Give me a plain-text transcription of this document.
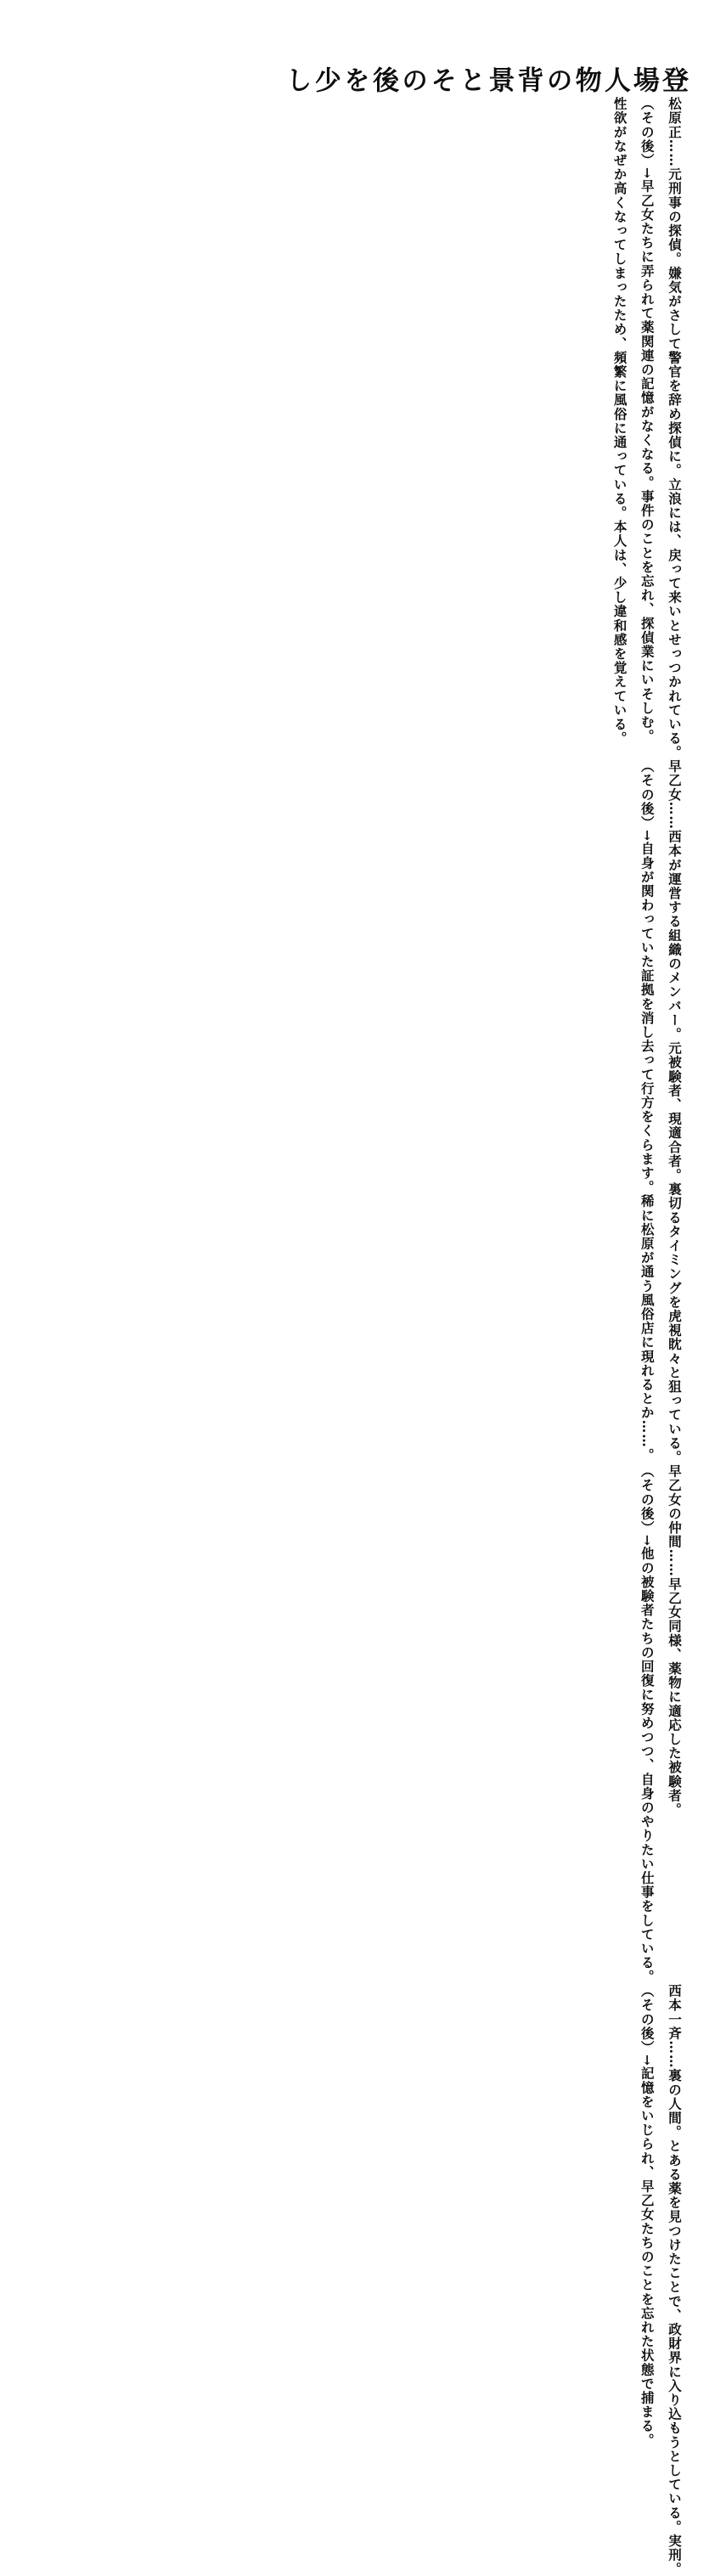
登場人物の背景とその後を少し
松原正……元刑事の探偵。嫌気がさして警官を辞め探偵に。立浪には、戻って来いとせっつかれている。
（その後）→早乙女たちに弄られて薬関連の記憶がなくなる。事件のことを忘れ、探偵業にいそしむ。
性欲がなぜか高くなってしまったため、頻繁に風俗に通っている。本人は、少し違和感を覚えている。
早乙女……西本が運営する組織のメンバー。元被験者、現適合者。裏切るタイミングを虎視眈々と狙っている。
（その後）→自身が関わっていた証拠を消し去って行方をくらます。稀に松原が通う風俗店に現れるとか……。
早乙女の仲間……早乙女同様、薬物に適応した被験者。
（その後）→他の被験者たちの回復に努めつつ、自身のやりたい仕事をしている。
西本一斉……裏の人間。とある薬を見つけたことで、政財界に入り込もうとしている。実刑。
（その後）→記憶をいじられ、早乙女たちのことを忘れた状態で捕まる。
